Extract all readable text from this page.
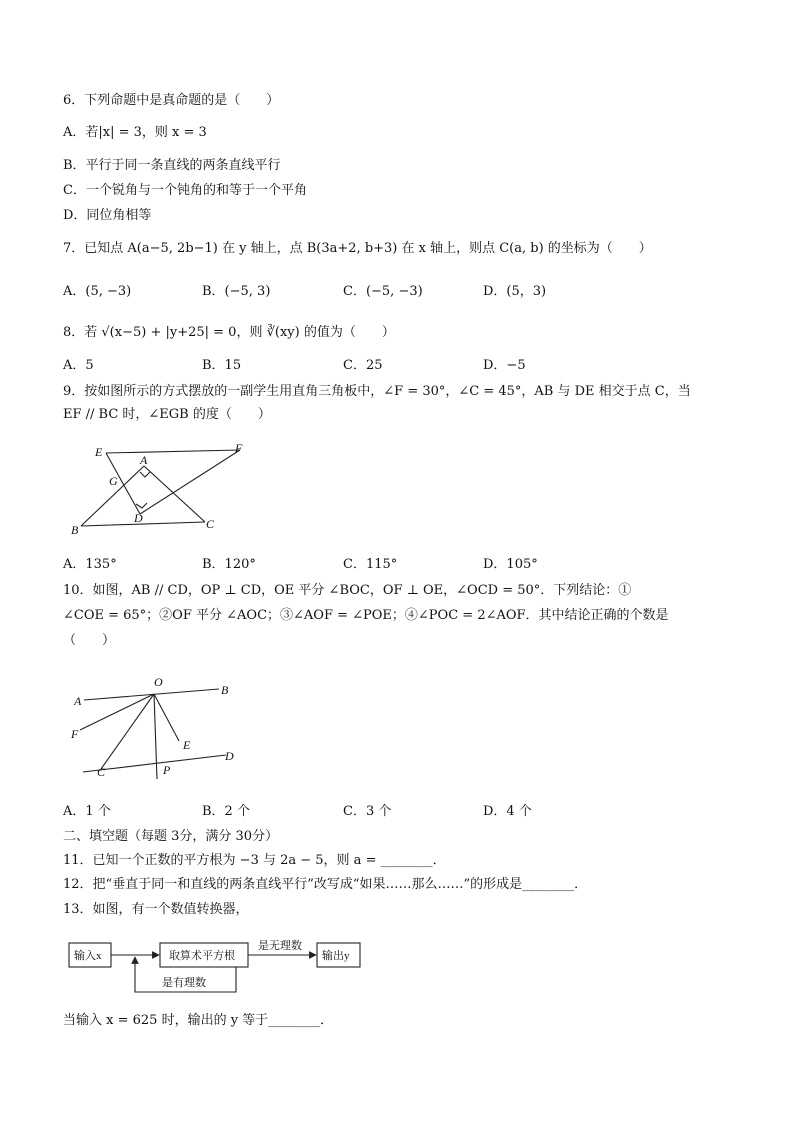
6．下列命题中是真命题的是（　　）
A．若|x| = 3，则 x = 3
B．平行于同一条直线的两条直线平行
C．一个锐角与一个钝角的和等于一个平角
D．同位角相等
7．已知点 A(a−5, 2b−1) 在 y 轴上，点 B(3a+2, b+3) 在 x 轴上，则点 C(a, b) 的坐标为（　　）
A．(5, −3)	B．(−5, 3)	C．(−5, −3)	D．(5，3)
8．若 √(x−5) + |y+25| = 0，则 ∛(xy) 的值为（　　）
A．5	B．15	C．25	D．−5
9．按如图所示的方式摆放的一副学生用直角三角板中，∠F = 30°，∠C = 45°，AB 与 DE 相交于点 C，当
EF // BC 时，∠EGB 的度（　　）
E
A
F
G
D
B	C
A．135°	B．120°	C．115°	D．105°
10．如图，AB // CD，OP ⊥ CD，OE 平分 ∠BOC，OF ⊥ OE，∠OCD = 50°．下列结论：①
∠COE = 65°；②OF 平分 ∠AOC；③∠AOF = ∠POE；④∠POC = 2∠AOF．其中结论正确的个数是
（　　）
O
A
B
F
E
D
C	P
A．1 个	B．2 个	C．3 个	D．4 个
二、填空题（每题 3分，满分 30分）
11．已知一个正数的平方根为 −3 与 2a − 5，则 a = ________．
12．把“垂直于同一和直线的两条直线平行”改写成“如果……那么……”的形成是________．
13．如图，有一个数值转换器，
输入x	取算术平方根	输出y
是无理数
是有理数
当输入 x = 625 时，输出的 y 等于________．
